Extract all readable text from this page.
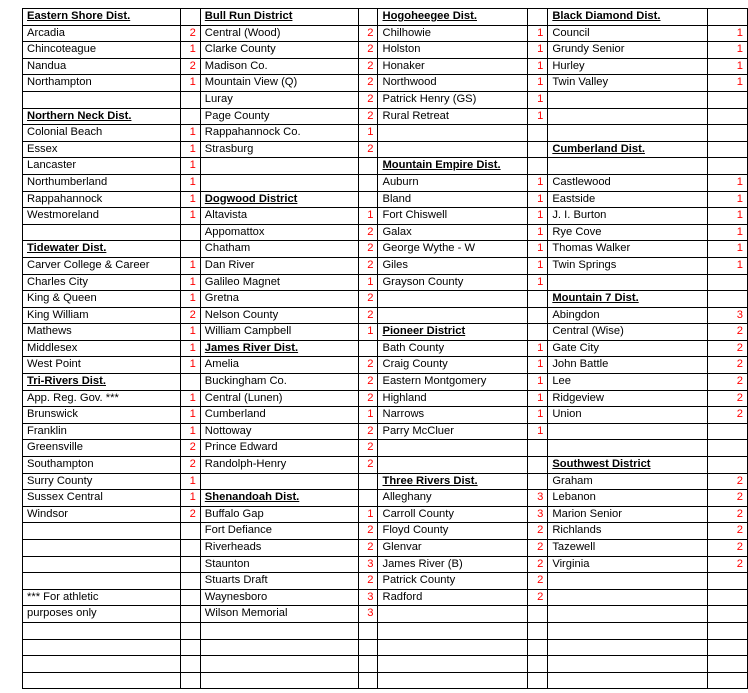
Eastern Shore Dist.		Bull Run District		Hogoheegee Dist.		Black Diamond Dist.	
Arcadia	2	Central (Wood)	2	Chilhowie	1	Council	1
Chincoteague	1	Clarke County	2	Holston	1	Grundy Senior	1
Nandua	2	Madison Co.	2	Honaker	1	Hurley	1
Northampton	1	Mountain View (Q)	2	Northwood	1	Twin Valley	1
		Luray	2	Patrick Henry (GS)	1		
Northern Neck Dist.		Page County	2	Rural Retreat	1		
Colonial Beach	1	Rappahannock Co.	1				
Essex	1	Strasburg	2			Cumberland Dist.	
Lancaster	1			Mountain Empire Dist.			
Northumberland	1			Auburn	1	Castlewood	1
Rappahannock	1	Dogwood District		Bland	1	Eastside	1
Westmoreland	1	Altavista	1	Fort Chiswell	1	J. I. Burton	1
		Appomattox	2	Galax	1	Rye Cove	1
Tidewater Dist.		Chatham	2	George Wythe - W	1	Thomas Walker	1
Carver College & Career	1	Dan River	2	Giles	1	Twin Springs	1
Charles City	1	Galileo Magnet	1	Grayson County	1		
King & Queen	1	Gretna	2			Mountain 7 Dist.	
King William	2	Nelson County	2			Abingdon	3
Mathews	1	William Campbell	1	Pioneer District		Central (Wise)	2
Middlesex	1	James River Dist.		Bath County	1	Gate City	2
West Point	1	Amelia	2	Craig County	1	John Battle	2
Tri-Rivers Dist.		Buckingham Co.	2	Eastern Montgomery	1	Lee	2
App. Reg. Gov. ***	1	Central (Lunen)	2	Highland	1	Ridgeview	2
Brunswick	1	Cumberland	1	Narrows	1	Union	2
Franklin	1	Nottoway	2	Parry McCluer	1		
Greensville	2	Prince Edward	2				
Southampton	2	Randolph-Henry	2			Southwest District	
Surry County	1			Three Rivers Dist.		Graham	2
Sussex Central	1	Shenandoah Dist.		Alleghany	3	Lebanon	2
Windsor	2	Buffalo Gap	1	Carroll County	3	Marion Senior	2
		Fort Defiance	2	Floyd County	2	Richlands	2
		Riverheads	2	Glenvar	2	Tazewell	2
		Staunton	3	James River (B)	2	Virginia	2
		Stuarts Draft	2	Patrick County	2		
*** For athletic		Waynesboro	3	Radford	2		
purposes only		Wilson Memorial	3				
